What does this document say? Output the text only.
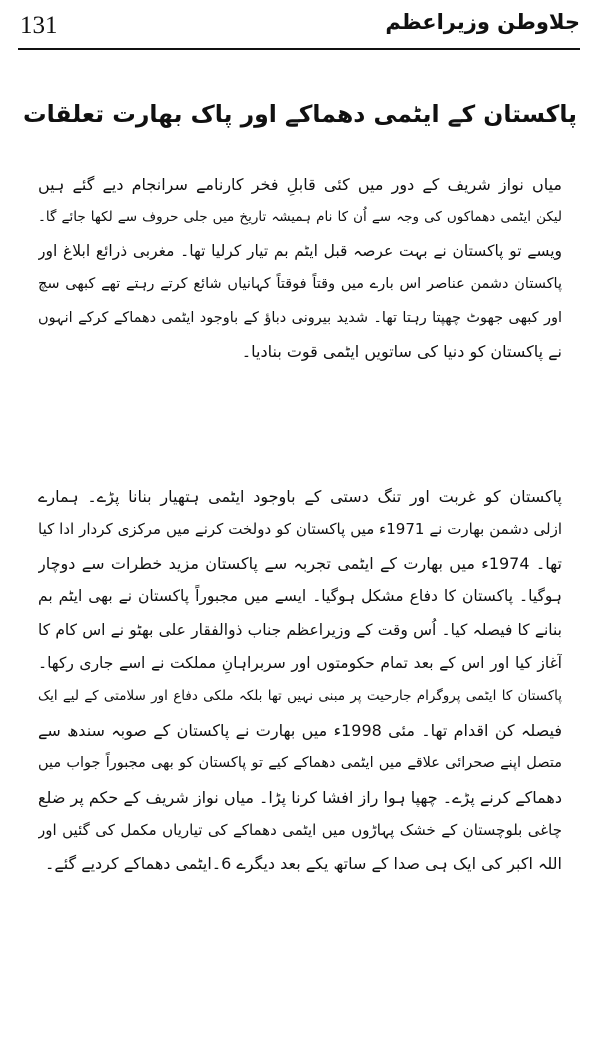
131	جلاوطن وزیراعظم
پاکستان کے ایٹمی دھماکے اور پاک بھارت تعلقات
میاں نواز شریف کے دور میں کئی قابلِ فخر کارنامے سرانجام دیے گئے ہیں
لیکن ایٹمی دھماکوں کی وجہ سے اُن کا نام ہمیشہ تاریخ میں جلی حروف سے لکھا جائے گا۔
ویسے تو پاکستان نے بہت عرصہ قبل ایٹم بم تیار کرلیا تھا۔ مغربی ذرائع ابلاغ اور
پاکستان دشمن عناصر اس بارے میں وقتاً فوقتاً کہانیاں شائع کرتے رہتے تھے کبھی سچ
اور کبھی جھوٹ چھپتا رہتا تھا۔ شدید بیرونی دباؤ کے باوجود ایٹمی دھماکے کرکے انہوں
نے پاکستان کو دنیا کی ساتویں ایٹمی قوت بنادیا۔
پاکستان کو غربت اور تنگ دستی کے باوجود ایٹمی ہتھیار بنانا پڑے۔ ہمارے
ازلی دشمن بھارت نے 1971ء میں پاکستان کو دولخت کرنے میں مرکزی کردار ادا کیا
تھا۔ 1974ء میں بھارت کے ایٹمی تجربہ سے پاکستان مزید خطرات سے دوچار
ہوگیا۔ پاکستان کا دفاع مشکل ہوگیا۔ ایسے میں مجبوراً پاکستان نے بھی ایٹم بم
بنانے کا فیصلہ کیا۔ اُس وقت کے وزیراعظم جناب ذوالفقار علی بھٹو نے اس کام کا
آغاز کیا اور اس کے بعد تمام حکومتوں اور سربراہانِ مملکت نے اسے جاری رکھا۔
پاکستان کا ایٹمی پروگرام جارحیت پر مبنی نہیں تھا بلکہ ملکی دفاع اور سلامتی کے لیے ایک
فیصلہ کن اقدام تھا۔ مئی 1998ء میں بھارت نے پاکستان کے صوبہ سندھ سے
متصل اپنے صحرائی علاقے میں ایٹمی دھماکے کیے تو پاکستان کو بھی مجبوراً جواب میں
دھماکے کرنے پڑے۔ چھپا ہوا راز افشا کرنا پڑا۔ میاں نواز شریف کے حکم پر ضلع
چاغی بلوچستان کے خشک پہاڑوں میں ایٹمی دھماکے کی تیاریاں مکمل کی گئیں اور
اللہ اکبر کی ایک ہی صدا کے ساتھ یکے بعد دیگرے 6۔ایٹمی دھماکے کردیے گئے۔
